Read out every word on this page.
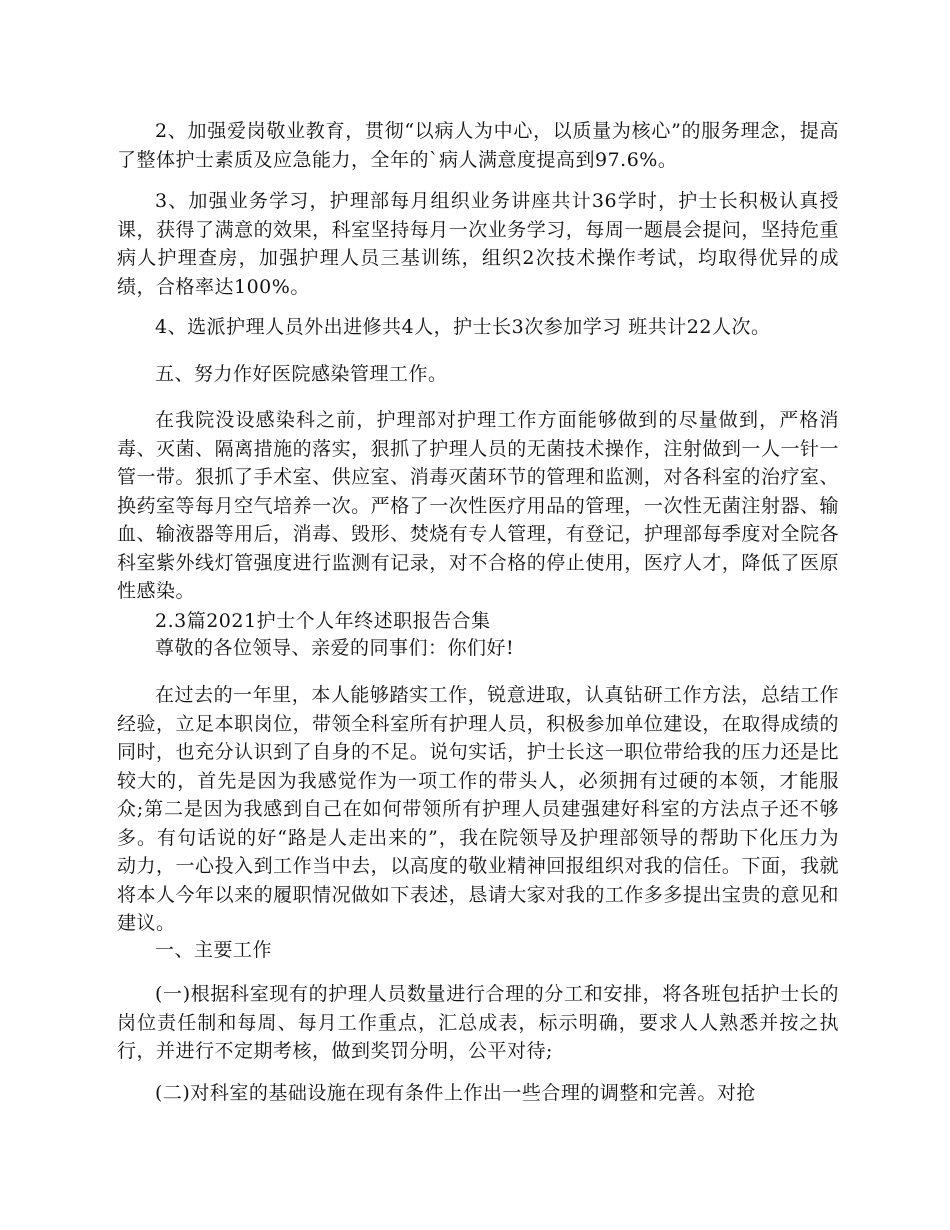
2、加强爱岗敬业教育，贯彻“以病人为中心，以质量为核心”的服务理念，提高了整体护士素质及应急能力，全年的`病人满意度提高到97.6%。

3、加强业务学习，护理部每月组织业务讲座共计36学时，护士长积极认真授课，获得了满意的效果，科室坚持每月一次业务学习，每周一题晨会提问，坚持危重病人护理查房，加强护理人员三基训练，组织2次技术操作考试，均取得优异的成绩，合格率达100%。

4、选派护理人员外出进修共4人，护士长3次参加学习 班共计22人次。

五、努力作好医院感染管理工作。

在我院没设感染科之前，护理部对护理工作方面能够做到的尽量做到，严格消毒、灭菌、隔离措施的落实，狠抓了护理人员的无菌技术操作，注射做到一人一针一管一带。狠抓了手术室、供应室、消毒灭菌环节的管理和监测，对各科室的治疗室、换药室等每月空气培养一次。严格了一次性医疗用品的管理，一次性无菌注射器、输血、输液器等用后，消毒、毁形、焚烧有专人管理，有登记，护理部每季度对全院各科室紫外线灯管强度进行监测有记录，对不合格的停止使用，医疗人才，降低了医原性感染。

2.3篇2021护士个人年终述职报告合集

尊敬的各位领导、亲爱的同事们：你们好!

在过去的一年里，本人能够踏实工作，锐意进取，认真钻研工作方法，总结工作经验，立足本职岗位，带领全科室所有护理人员，积极参加单位建设，在取得成绩的同时，也充分认识到了自身的不足。说句实话，护士长这一职位带给我的压力还是比较大的，首先是因为我感觉作为一项工作的带头人，必须拥有过硬的本领，才能服众;第二是因为我感到自己在如何带领所有护理人员建强建好科室的方法点子还不够多。有句话说的好“路是人走出来的”，我在院领导及护理部领导的帮助下化压力为动力，一心投入到工作当中去，以高度的敬业精神回报组织对我的信任。下面，我就将本人今年以来的履职情况做如下表述，恳请大家对我的工作多多提出宝贵的意见和建议。

一、主要工作

(一)根据科室现有的护理人员数量进行合理的分工和安排，将各班包括护士长的岗位责任制和每周、每月工作重点，汇总成表，标示明确，要求人人熟悉并按之执行，并进行不定期考核，做到奖罚分明，公平对待;

(二)对科室的基础设施在现有条件上作出一些合理的调整和完善。对抢
